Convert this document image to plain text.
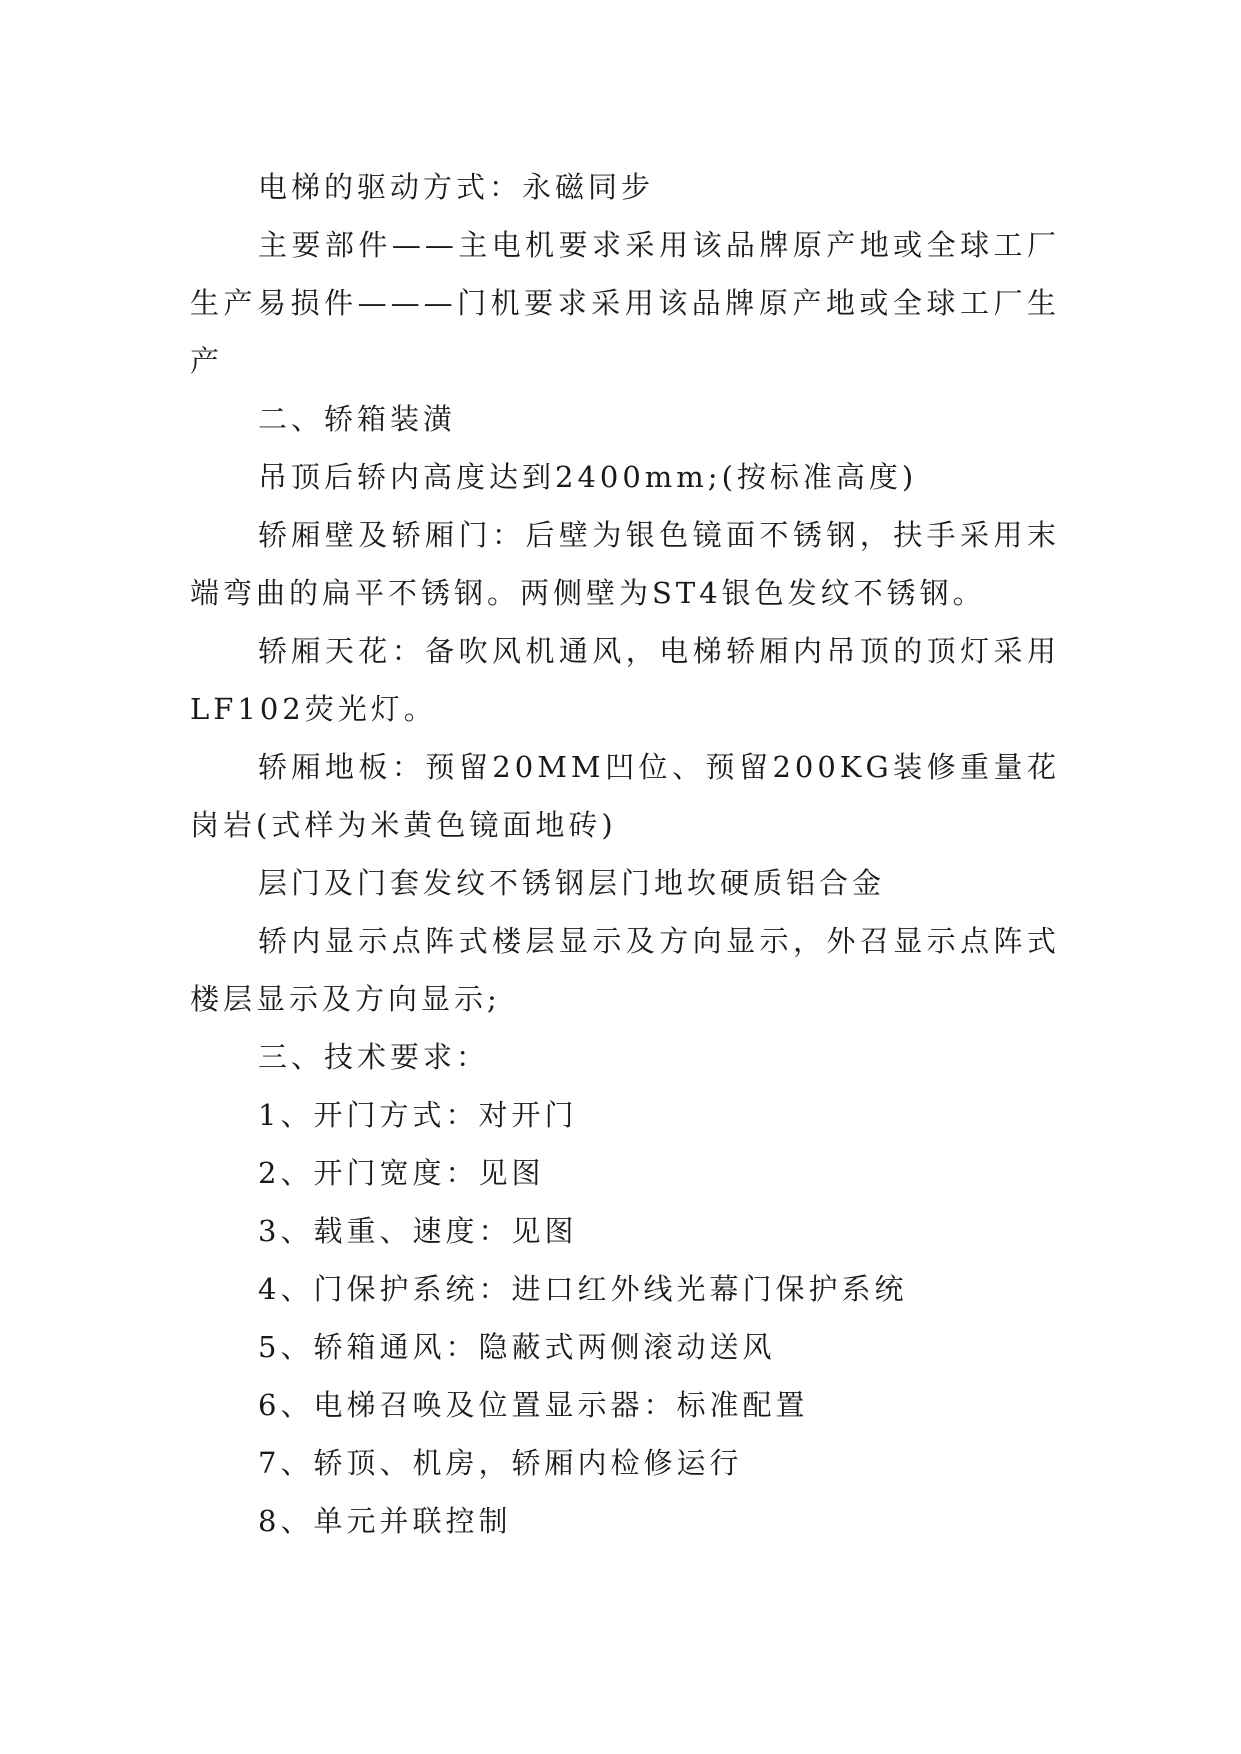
电梯的驱动方式：永磁同步

主要部件——主电机要求采用该品牌原产地或全球工厂生产易损件———门机要求采用该品牌原产地或全球工厂生产

二、轿箱装潢

吊顶后轿内高度达到2400mm;(按标准高度)

轿厢壁及轿厢门：后壁为银色镜面不锈钢，扶手采用末端弯曲的扁平不锈钢。两侧壁为ST4银色发纹不锈钢。

轿厢天花：备吹风机通风，电梯轿厢内吊顶的顶灯采用LF102荧光灯。

轿厢地板：预留20MM凹位、预留200KG装修重量花岗岩(式样为米黄色镜面地砖)

层门及门套发纹不锈钢层门地坎硬质铝合金

轿内显示点阵式楼层显示及方向显示，外召显示点阵式楼层显示及方向显示;

三、技术要求：

1、开门方式：对开门

2、开门宽度：见图

3、载重、速度：见图

4、门保护系统：进口红外线光幕门保护系统

5、轿箱通风：隐蔽式两侧滚动送风

6、电梯召唤及位置显示器：标准配置

7、轿顶、机房，轿厢内检修运行

8、单元并联控制
